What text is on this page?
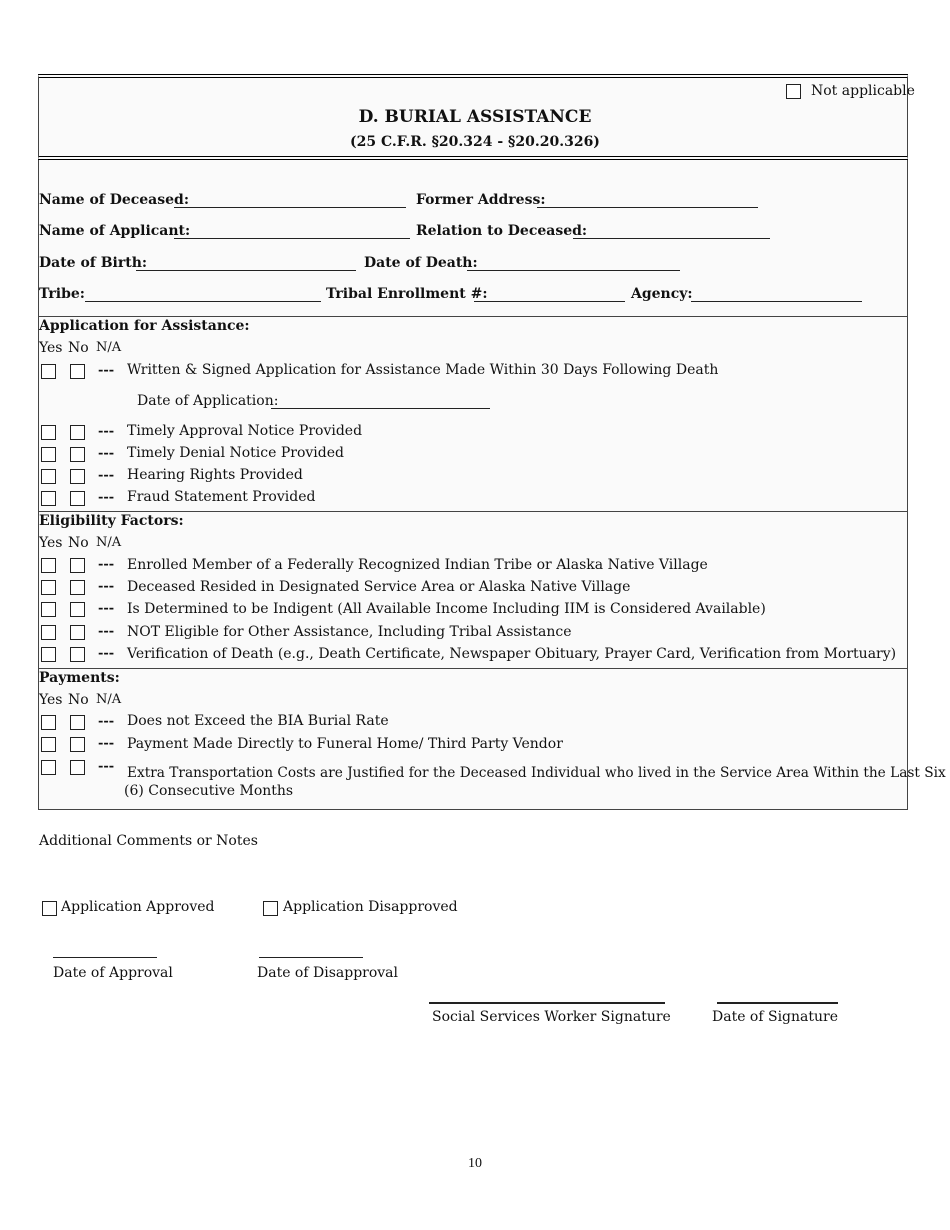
Not applicable
D. BURIAL ASSISTANCE
(25 C.F.R. §20.324 - §20.20.326)
Name of Deceased:	Former Address:
Name of Applicant:	Relation to Deceased:
Date of Birth:	Date of Death:
Tribe:	Tribal Enrollment #:	Agency:
Application for Assistance:
Yes No N/A
--- Written & Signed Application for Assistance Made Within 30 Days Following Death
Date of Application:
--- Timely Approval Notice Provided
--- Timely Denial Notice Provided
--- Hearing Rights Provided
--- Fraud Statement Provided
Eligibility Factors:
Yes No N/A
--- Enrolled Member of a Federally Recognized Indian Tribe or Alaska Native Village
--- Deceased Resided in Designated Service Area or Alaska Native Village
--- Is Determined to be Indigent (All Available Income Including IIM is Considered Available)
--- NOT Eligible for Other Assistance, Including Tribal Assistance
--- Verification of Death (e.g., Death Certificate, Newspaper Obituary, Prayer Card, Verification from Mortuary)
Payments:
Yes No N/A
--- Does not Exceed the BIA Burial Rate
--- Payment Made Directly to Funeral Home/ Third Party Vendor
--- Extra Transportation Costs are Justified for the Deceased Individual who lived in the Service Area Within the Last Six
(6) Consecutive Months
Additional Comments or Notes
Application Approved	Application Disapproved
Date of Approval	Date of Disapproval
Social Services Worker Signature	Date of Signature
10
